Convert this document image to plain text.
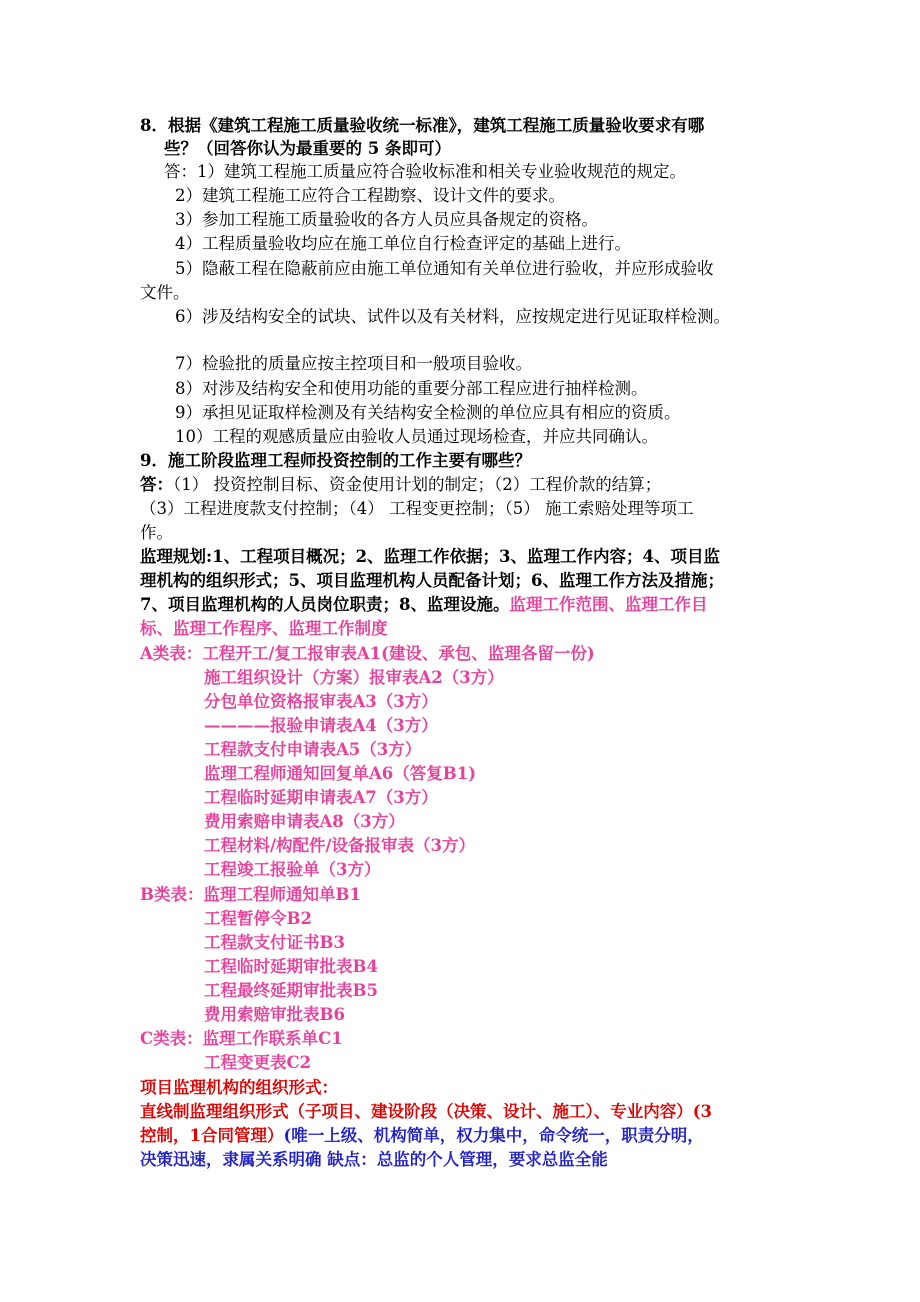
8．根据《建筑工程施工质量验收统一标准》，建筑工程施工质量验收要求有哪
些？（回答你认为最重要的 5 条即可）
答：1）建筑工程施工质量应符合验收标准和相关专业验收规范的规定。
2）建筑工程施工应符合工程勘察、设计文件的要求。
3）参加工程施工质量验收的各方人员应具备规定的资格。
4）工程质量验收均应在施工单位自行检查评定的基础上进行。
5）隐蔽工程在隐蔽前应由施工单位通知有关单位进行验收，并应形成验收
文件。
6）涉及结构安全的试块、试件以及有关材料，应按规定进行见证取样检测。
7）检验批的质量应按主控项目和一般项目验收。
8）对涉及结构安全和使用功能的重要分部工程应进行抽样检测。
9）承担见证取样检测及有关结构安全检测的单位应具有相应的资质。
10）工程的观感质量应由验收人员通过现场检查，并应共同确认。
9．施工阶段监理工程师投资控制的工作主要有哪些？
答：（1） 投资控制目标、资金使用计划的制定；（2）工程价款的结算；
（3）工程进度款支付控制；（4） 工程变更控制；（5） 施工索赔处理等项工
作。
监理规划:1、工程项目概况；2、监理工作依据；3、监理工作内容；4、项目监
理机构的组织形式；5、项目监理机构人员配备计划；6、监理工作方法及措施；
7、项目监理机构的人员岗位职责；8、监理设施。监理工作范围、监理工作目
标、监理工作程序、监理工作制度
A类表：工程开工/复工报审表A1(建设、承包、监理各留一份)
施工组织设计（方案）报审表A2（3方）
分包单位资格报审表A3（3方）
————报验申请表A4（3方）
工程款支付申请表A5（3方）
监理工程师通知回复单A6（答复B1)
工程临时延期申请表A7（3方）
费用索赔申请表A8（3方）
工程材料/构配件/设备报审表（3方）
工程竣工报验单（3方）
B类表：监理工程师通知单B1
工程暂停令B2
工程款支付证书B3
工程临时延期审批表B4
工程最终延期审批表B5
费用索赔审批表B6
C类表：监理工作联系单C1
工程变更表C2
项目监理机构的组织形式：
直线制监理组织形式（子项目、建设阶段（决策、设计、施工）、专业内容）(3
控制，1合同管理）(唯一上级、机构简单，权力集中，命令统一，职责分明，
决策迅速，隶属关系明确 缺点：总监的个人管理，要求总监全能
